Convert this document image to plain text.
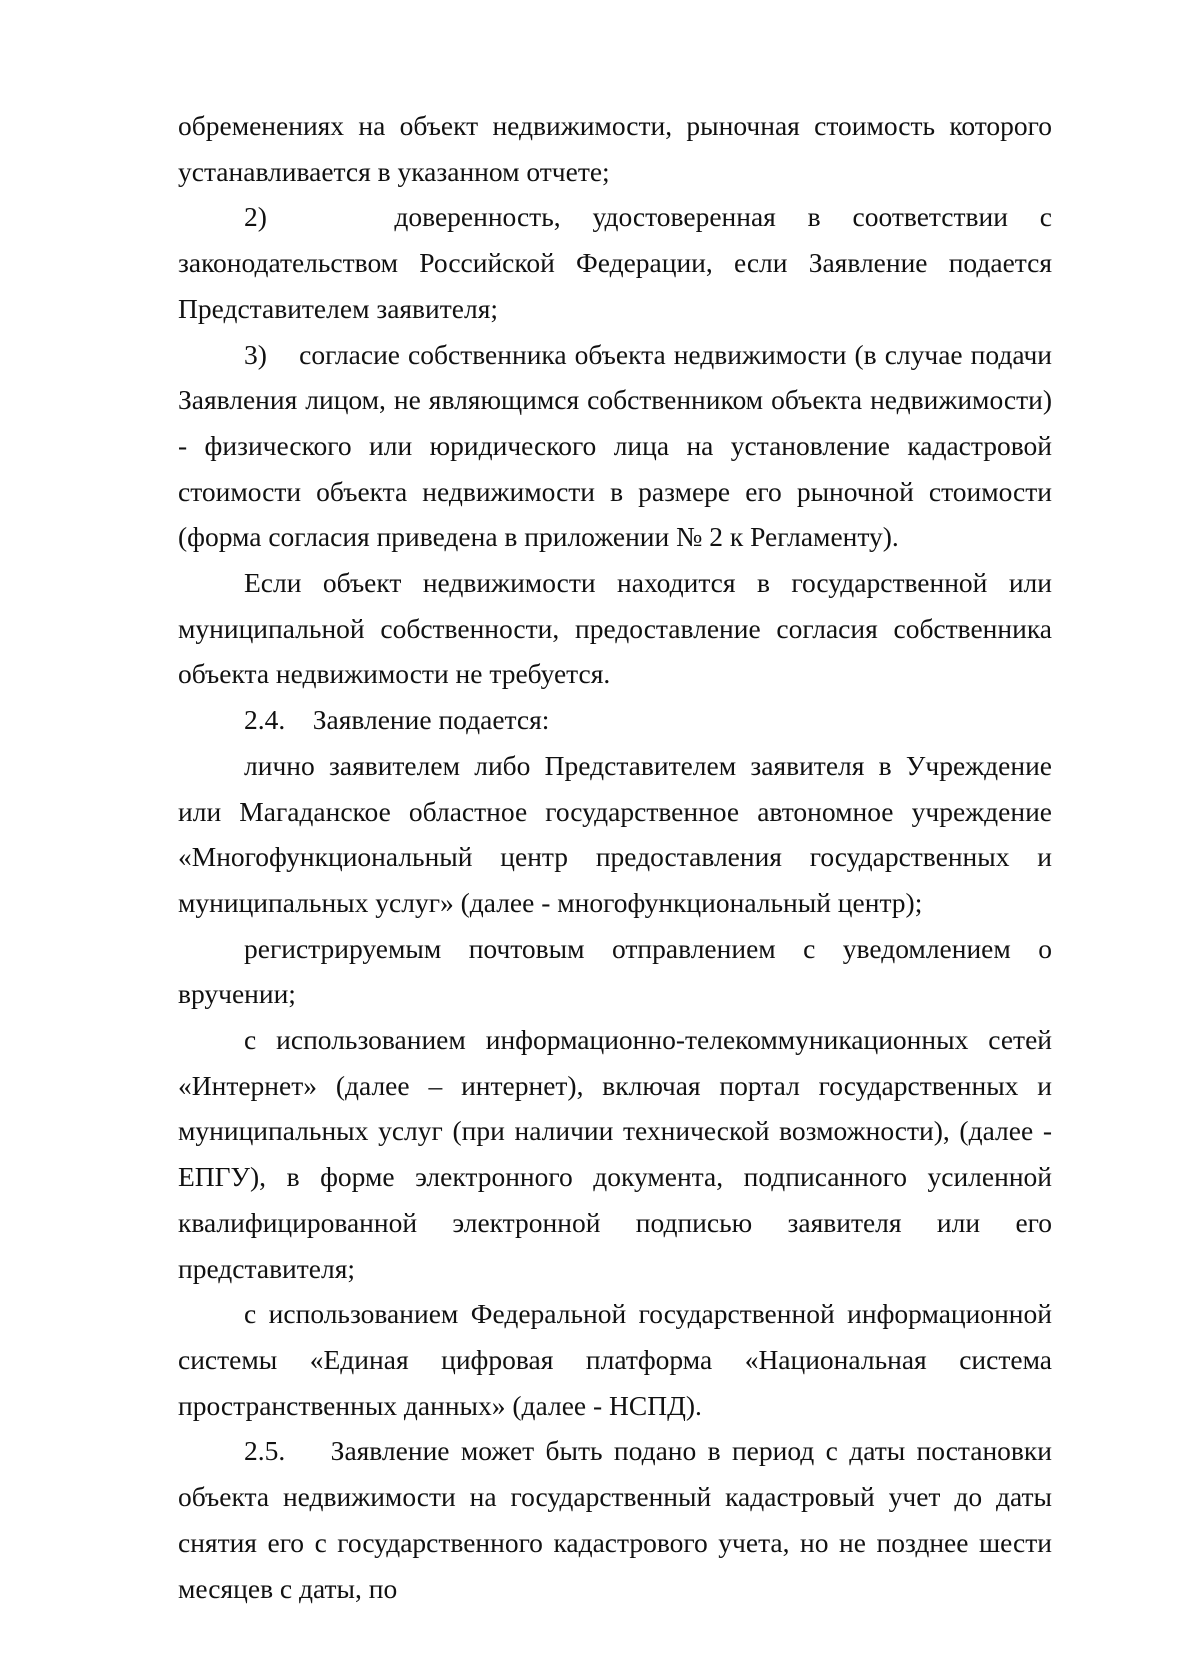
обременениях на объект недвижимости, рыночная стоимость которого устанавливается в указанном отчете;

2)    доверенность, удостоверенная в соответствии с законодательством Российской Федерации, если Заявление подается Представителем заявителя;

3)    согласие собственника объекта недвижимости (в случае подачи Заявления лицом, не являющимся собственником объекта недвижимости) - физического или юридического лица на установление кадастровой стоимости объекта недвижимости в размере его рыночной стоимости (форма согласия приведена в приложении № 2 к Регламенту).

Если объект недвижимости находится в государственной или муниципальной собственности, предоставление согласия собственника объекта недвижимости не требуется.

2.4.    Заявление подается:

лично заявителем либо Представителем заявителя в Учреждение или Магаданское областное государственное автономное учреждение «Многофункциональный центр предоставления государственных и муниципальных услуг» (далее - многофункциональный центр);

регистрируемым почтовым отправлением с уведомлением о вручении;

с использованием информационно-телекоммуникационных сетей «Интернет» (далее – интернет), включая портал государственных и муниципальных услуг (при наличии технической возможности), (далее - ЕПГУ), в форме электронного документа, подписанного усиленной квалифицированной электронной подписью заявителя или его представителя;

с использованием Федеральной государственной информационной системы «Единая цифровая платформа «Национальная система пространственных данных» (далее - НСПД).

2.5.    Заявление может быть подано в период с даты постановки объекта недвижимости на государственный кадастровый учет до даты снятия его с государственного кадастрового учета, но не позднее шести месяцев с даты, по
